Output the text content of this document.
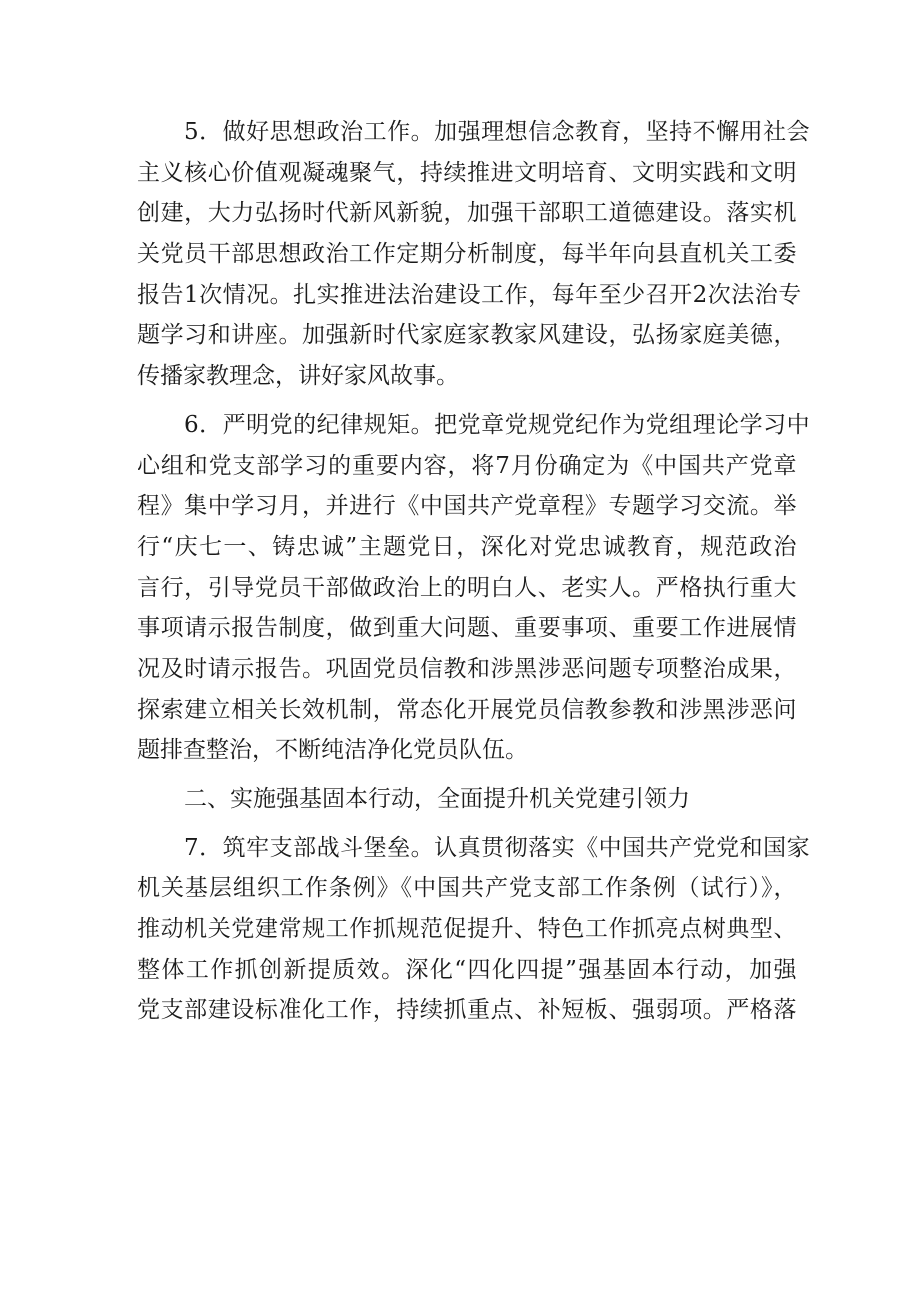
5．做好思想政治工作。加强理想信念教育，坚持不懈用社会
主义核心价值观凝魂聚气，持续推进文明培育、文明实践和文明
创建，大力弘扬时代新风新貌，加强干部职工道德建设。落实机
关党员干部思想政治工作定期分析制度，每半年向县直机关工委
报告1次情况。扎实推进法治建设工作，每年至少召开2次法治专
题学习和讲座。加强新时代家庭家教家风建设，弘扬家庭美德，
传播家教理念，讲好家风故事。
6．严明党的纪律规矩。把党章党规党纪作为党组理论学习中
心组和党支部学习的重要内容，将7月份确定为《中国共产党章
程》集中学习月，并进行《中国共产党章程》专题学习交流。举
行“庆七一、铸忠诚”主题党日，深化对党忠诚教育，规范政治
言行，引导党员干部做政治上的明白人、老实人。严格执行重大
事项请示报告制度，做到重大问题、重要事项、重要工作进展情
况及时请示报告。巩固党员信教和涉黑涉恶问题专项整治成果，
探索建立相关长效机制，常态化开展党员信教参教和涉黑涉恶问
题排查整治，不断纯洁净化党员队伍。
二、实施强基固本行动，全面提升机关党建引领力
7．筑牢支部战斗堡垒。认真贯彻落实《中国共产党党和国家
机关基层组织工作条例》《中国共产党支部工作条例（试行）》，
推动机关党建常规工作抓规范促提升、特色工作抓亮点树典型、
整体工作抓创新提质效。深化“四化四提”强基固本行动，加强
党支部建设标准化工作，持续抓重点、补短板、强弱项。严格落
